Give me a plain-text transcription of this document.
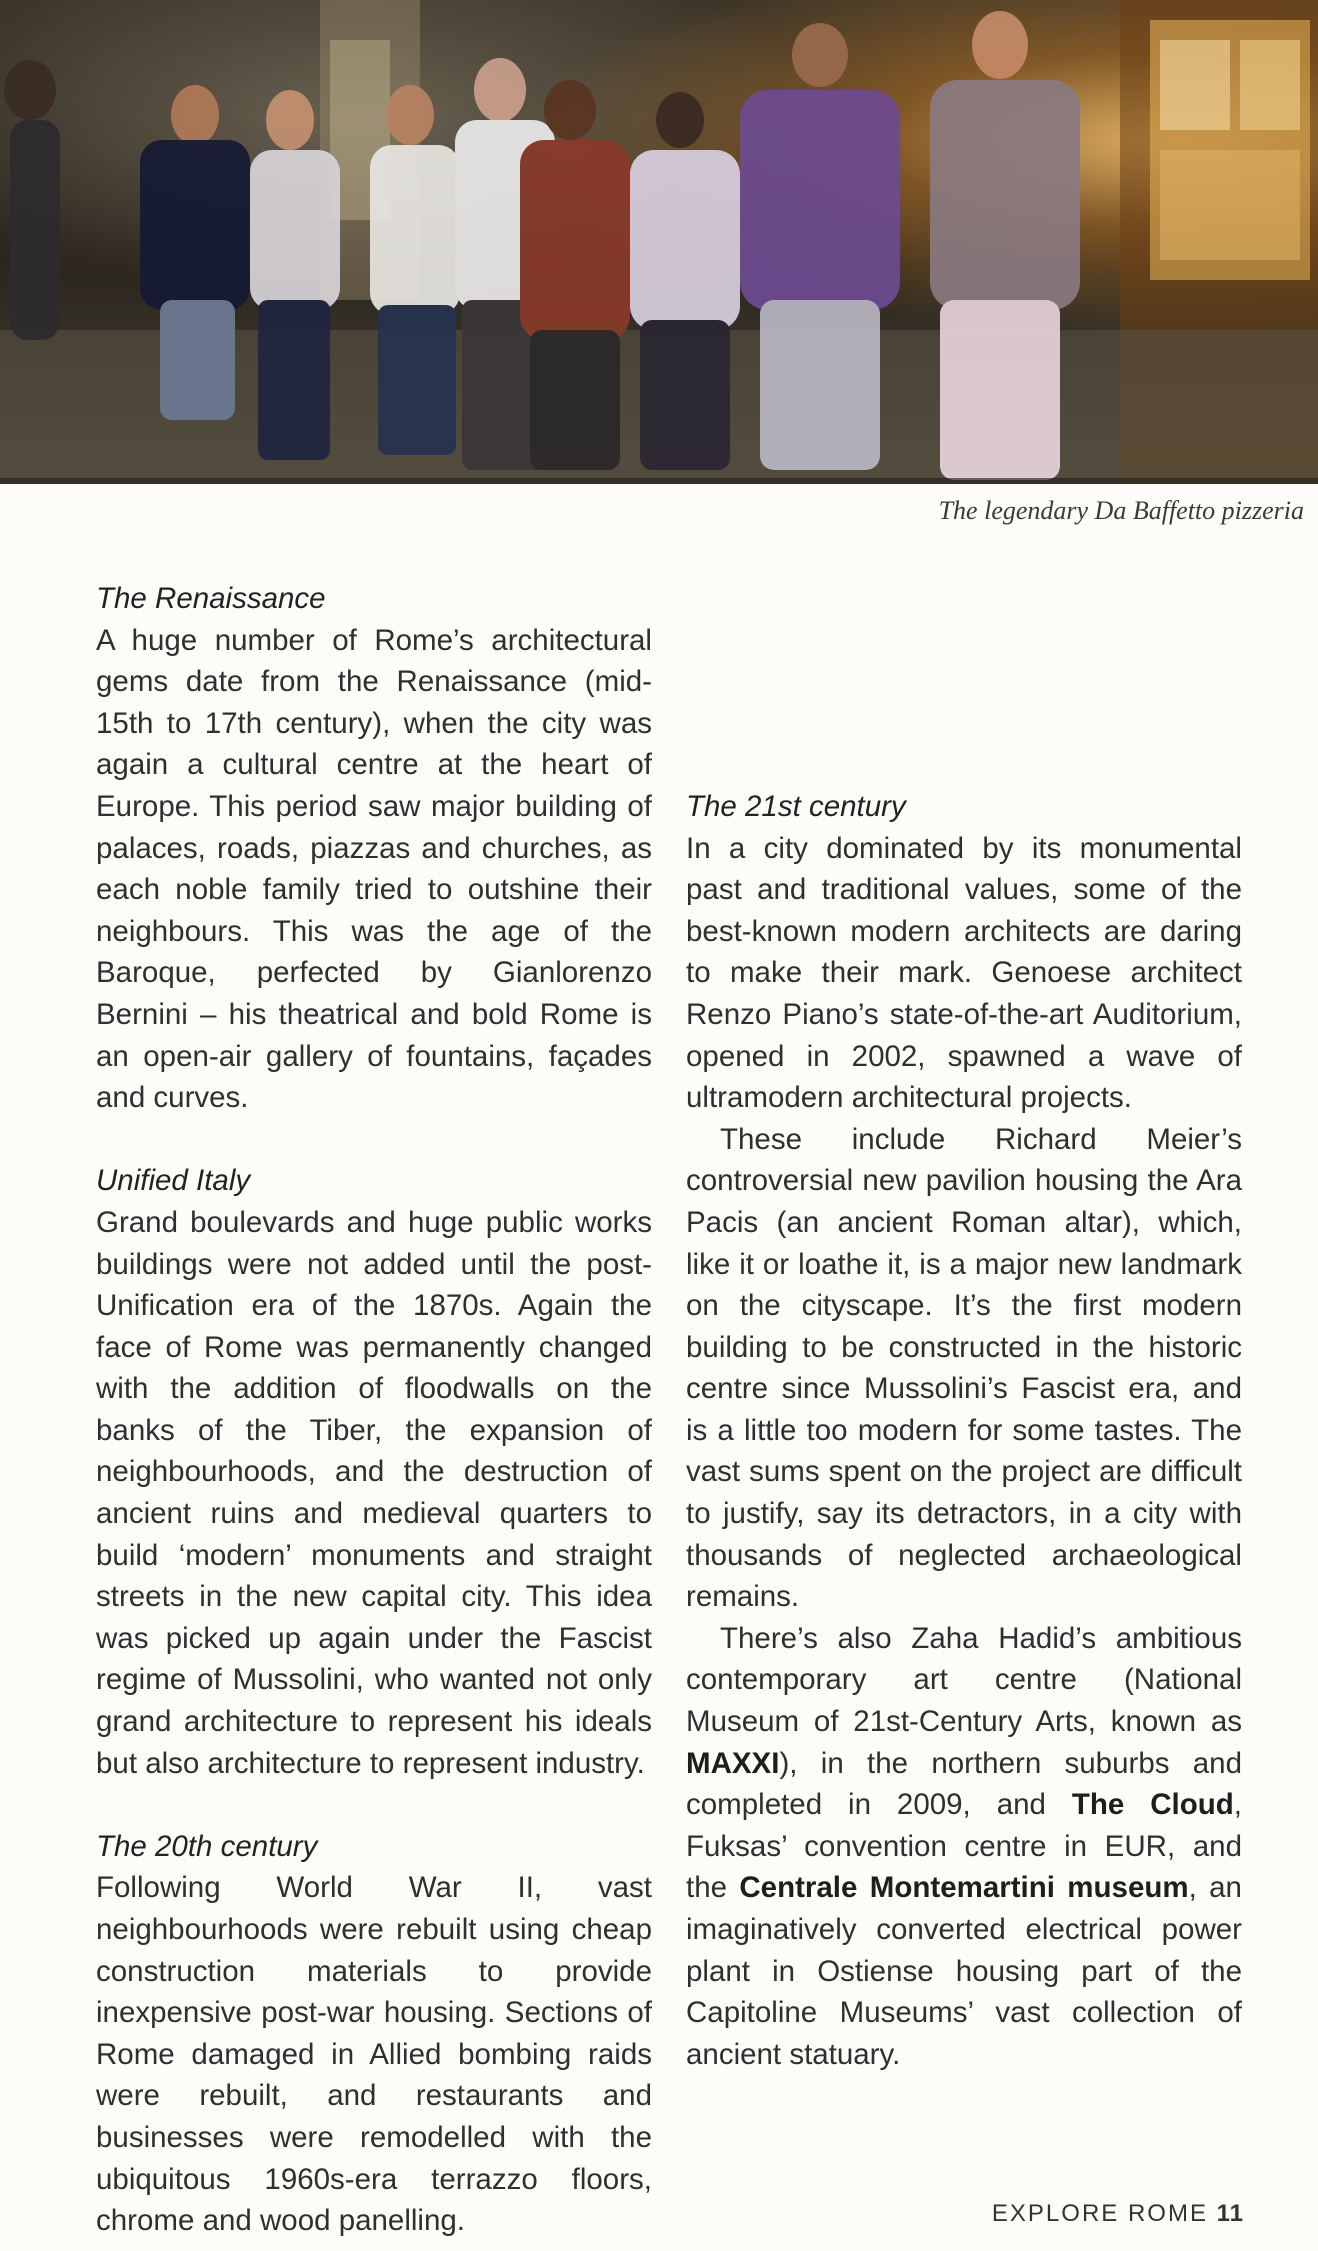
The legendary Da Baffetto pizzeria
The Renaissance

A huge number of Rome’s architectural gems date from the Renaissance (mid-15th to 17th century), when the city was again a cultural centre at the heart of Europe. This period saw major building of palaces, roads, piazzas and churches, as each noble family tried to outshine their neighbours. This was the age of the Baroque, perfected by Gianlorenzo Bernini – his theatrical and bold Rome is an open-air gallery of fountains, façades and curves.

Unified Italy

Grand boulevards and huge public works buildings were not added until the post-Unification era of the 1870s. Again the face of Rome was permanently changed with the addition of floodwalls on the banks of the Tiber, the expansion of neighbourhoods, and the destruction of ancient ruins and medieval quarters to build ‘modern’ monuments and straight streets in the new capital city. This idea was picked up again under the Fascist regime of Mussolini, who wanted not only grand architecture to represent his ideals but also architecture to represent industry.

The 20th century

Following World War II, vast neighbourhoods were rebuilt using cheap construction materials to provide inexpensive post-war housing. Sections of Rome damaged in Allied bombing raids were rebuilt, and restaurants and businesses were remodelled with the ubiquitous 1960s-era terrazzo floors, chrome and wood panelling.

The 21st century

In a city dominated by its monumental past and traditional values, some of the best-known modern architects are daring to make their mark. Genoese architect Renzo Piano’s state-of-the-art Auditorium, opened in 2002, spawned a wave of ultramodern architectural projects.

These include Richard Meier’s controversial new pavilion housing the Ara Pacis (an ancient Roman altar), which, like it or loathe it, is a major new landmark on the cityscape. It’s the first modern building to be constructed in the historic centre since Mussolini’s Fascist era, and is a little too modern for some tastes. The vast sums spent on the project are difficult to justify, say its detractors, in a city with thousands of neglected archaeological remains.

There’s also Zaha Hadid’s ambitious contemporary art centre (National Museum of 21st-Century Arts, known as MAXXI), in the northern suburbs and completed in 2009, and The Cloud, Fuksas’ convention centre in EUR, and the Centrale Montemartini museum, an imaginatively converted electrical power plant in Ostiense housing part of the Capitoline Museums’ vast collection of ancient statuary.

EXPLORE ROME 11
